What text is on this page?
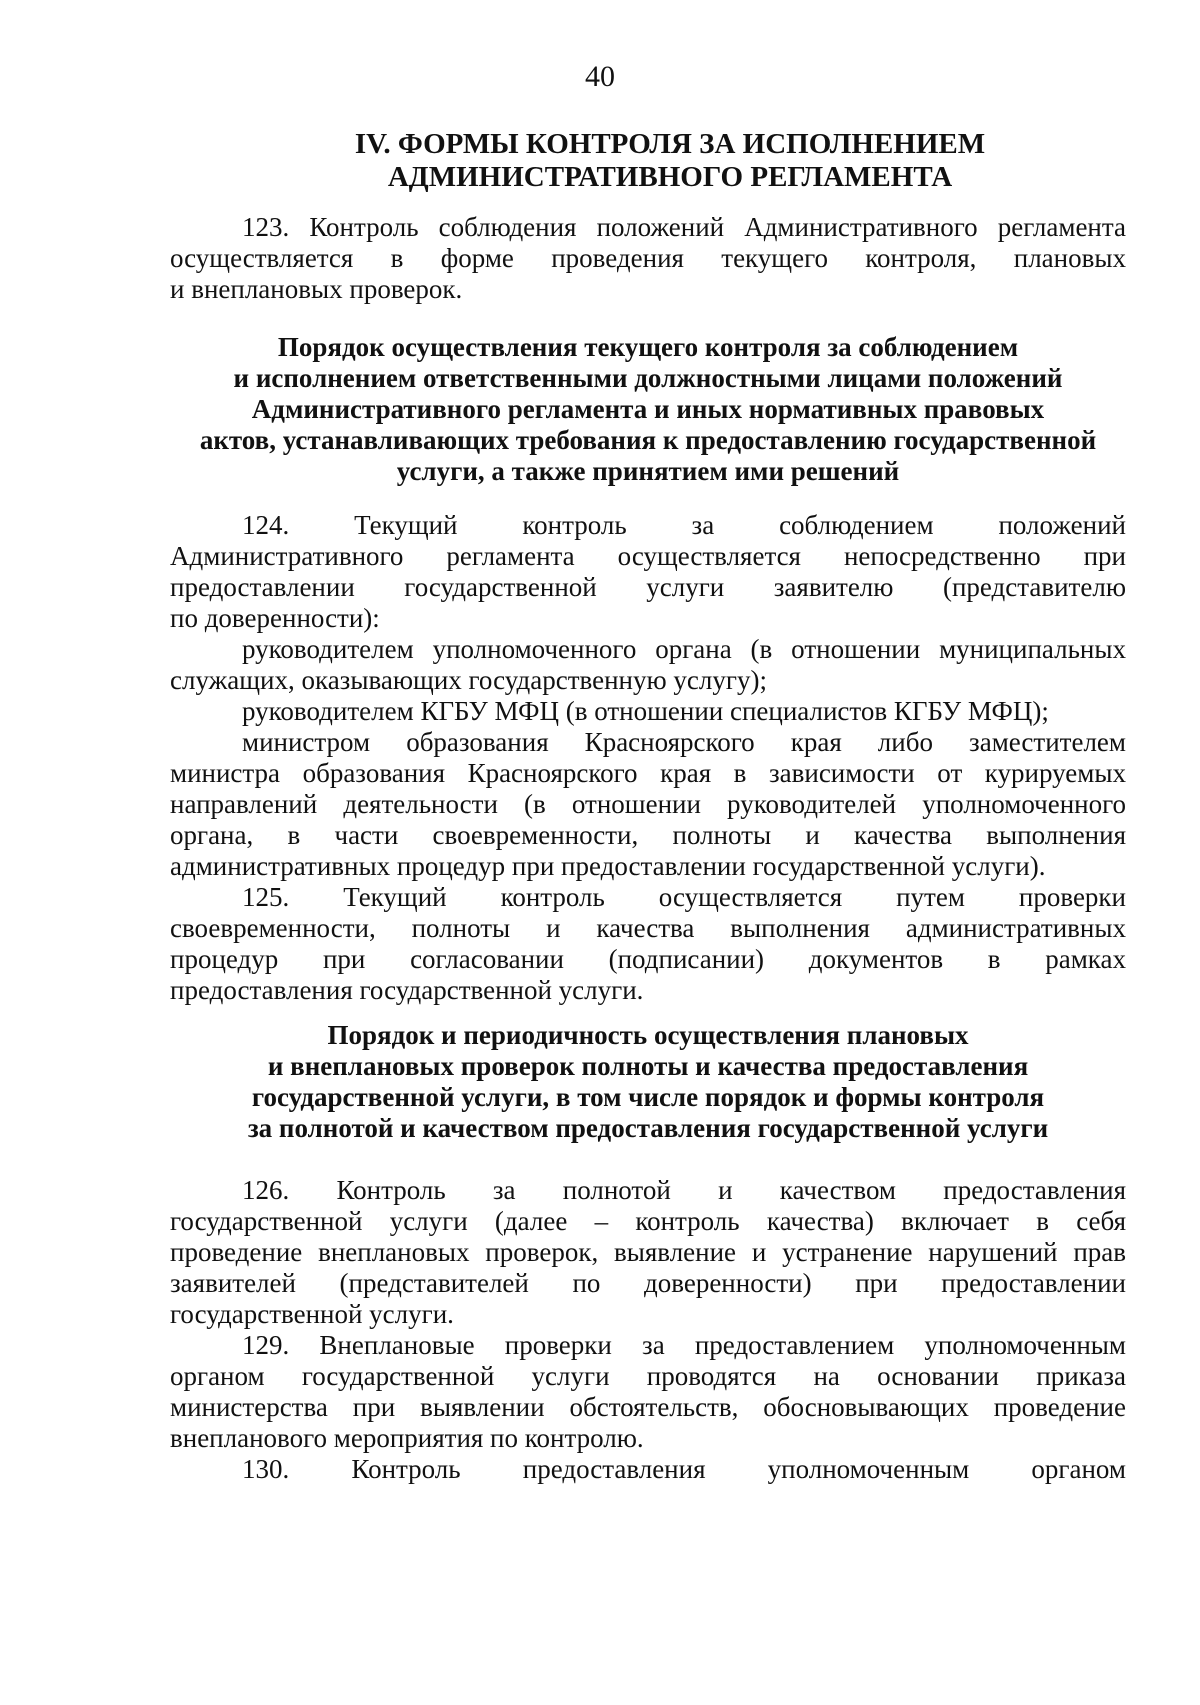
40
IV. ФОРМЫ КОНТРОЛЯ ЗА ИСПОЛНЕНИЕМ
АДМИНИСТРАТИВНОГО РЕГЛАМЕНТА
123. Контроль соблюдения положений Административного регламента
осуществляется в форме проведения текущего контроля, плановых
и внеплановых проверок.
Порядок осуществления текущего контроля за соблюдением
и исполнением ответственными должностными лицами положений
Административного регламента и иных нормативных правовых
актов, устанавливающих требования к предоставлению государственной
услуги, а также принятием ими решений
124. Текущий контроль за соблюдением положений
Административного регламента осуществляется непосредственно при
предоставлении государственной услуги заявителю (представителю
по доверенности):
руководителем уполномоченного органа (в отношении муниципальных
служащих, оказывающих государственную услугу);
руководителем КГБУ МФЦ (в отношении специалистов КГБУ МФЦ);
министром образования Красноярского края либо заместителем
министра образования Красноярского края в зависимости от курируемых
направлений деятельности (в отношении руководителей уполномоченного
органа, в части своевременности, полноты и качества выполнения
административных процедур при предоставлении государственной услуги).
125. Текущий контроль осуществляется путем проверки
своевременности, полноты и качества выполнения административных
процедур при согласовании (подписании) документов в рамках
предоставления государственной услуги.
Порядок и периодичность осуществления плановых
и внеплановых проверок полноты и качества предоставления
государственной услуги, в том числе порядок и формы контроля
за полнотой и качеством предоставления государственной услуги
126. Контроль за полнотой и качеством предоставления
государственной услуги (далее – контроль качества) включает в себя
проведение внеплановых проверок, выявление и устранение нарушений прав
заявителей (представителей по доверенности) при предоставлении
государственной услуги.
129. Внеплановые проверки за предоставлением уполномоченным
органом государственной услуги проводятся на основании приказа
министерства при выявлении обстоятельств, обосновывающих проведение
внепланового мероприятия по контролю.
130. Контроль предоставления уполномоченным органом
